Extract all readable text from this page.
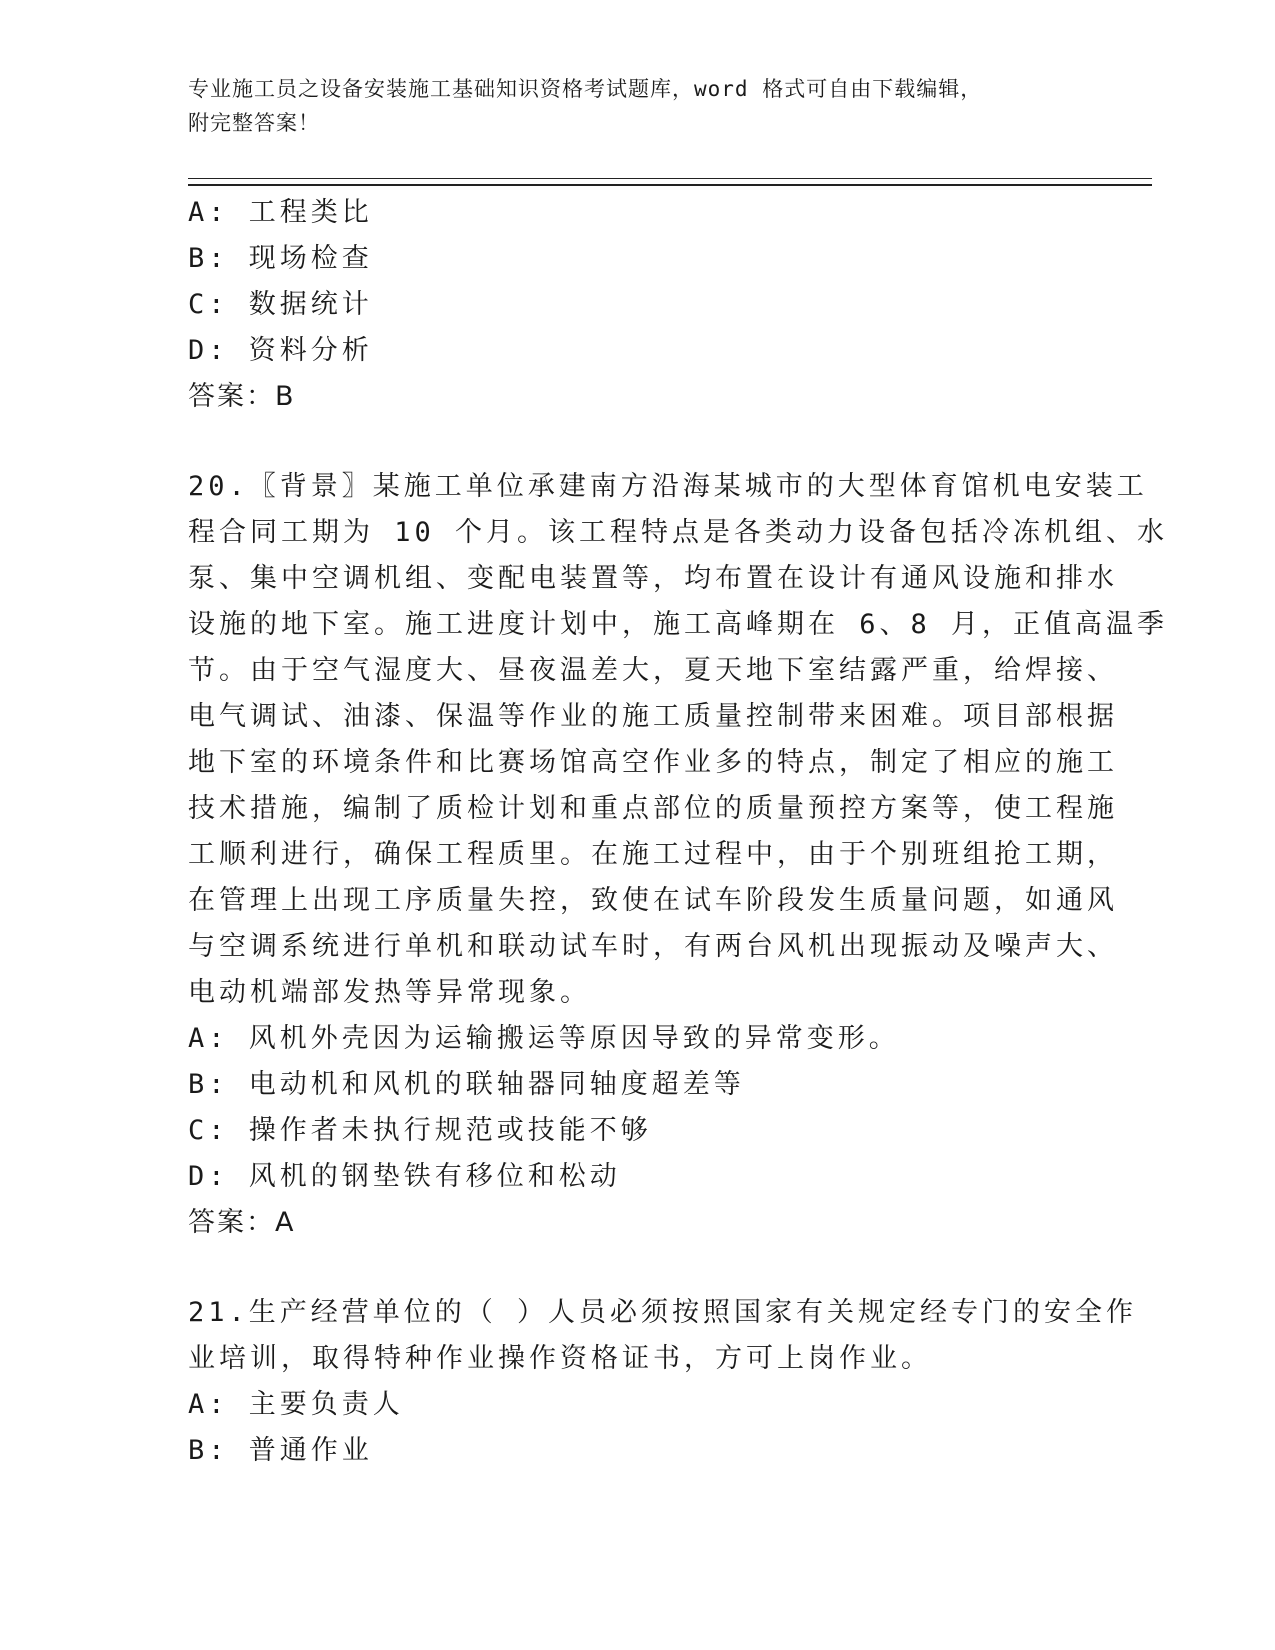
专业施工员之设备安装施工基础知识资格考试题库，word 格式可自由下载编辑，
附完整答案！
A: 工程类比
B: 现场检查
C: 数据统计
D: 资料分析
答案：B
20.〖背景〗某施工单位承建南方沿海某城市的大型体育馆机电安装工
程合同工期为 10 个月。该工程特点是各类动力设备包括冷冻机组、水
泵、集中空调机组、变配电装置等，均布置在设计有通风设施和排水
设施的地下室。施工进度计划中，施工高峰期在 6、8 月，正值高温季
节。由于空气湿度大、昼夜温差大，夏天地下室结露严重，给焊接、
电气调试、油漆、保温等作业的施工质量控制带来困难。项目部根据
地下室的环境条件和比赛场馆高空作业多的特点，制定了相应的施工
技术措施，编制了质检计划和重点部位的质量预控方案等，使工程施
工顺利进行，确保工程质里。在施工过程中，由于个别班组抢工期，
在管理上出现工序质量失控，致使在试车阶段发生质量问题，如通风
与空调系统进行单机和联动试车时，有两台风机出现振动及噪声大、
电动机端部发热等异常现象。
A: 风机外壳因为运输搬运等原因导致的异常变形。
B: 电动机和风机的联轴器同轴度超差等
C: 操作者未执行规范或技能不够
D: 风机的钢垫铁有移位和松动
答案：A
21.生产经营单位的（ ）人员必须按照国家有关规定经专门的安全作
业培训，取得特种作业操作资格证书，方可上岗作业。
A: 主要负责人
B: 普通作业
